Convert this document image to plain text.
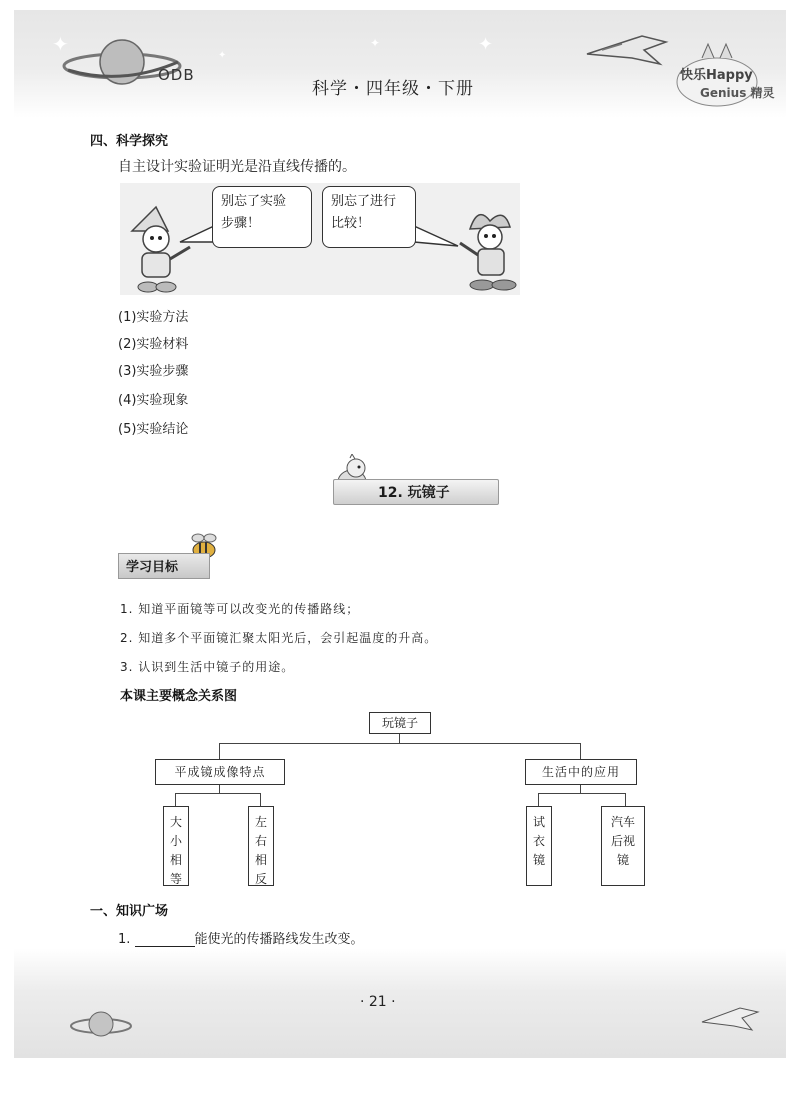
✦	✦	✦
✦
ODB
科学・四年级・下册
快乐Happy
Genius 精灵
四、科学探究
自主设计实验证明光是沿直线传播的。
别忘了实验
步骤！
别忘了进行
比较！
(1)实验方法
(2)实验材料
(3)实验步骤
(4)实验现象
(5)实验结论
12. 玩镜子
学习目标
1. 知道平面镜等可以改变光的传播路线；
2. 知道多个平面镜汇聚太阳光后，会引起温度的升高。
3. 认识到生活中镜子的用途。
本课主要概念关系图
玩镜子
平成镜成像特点	生活中的应用
大
小
相
等
左
右
相
反
试
衣
镜
汽车
后视
镜
一、知识广场
1.	能使光的传播路线发生改变。
· 21 ·
